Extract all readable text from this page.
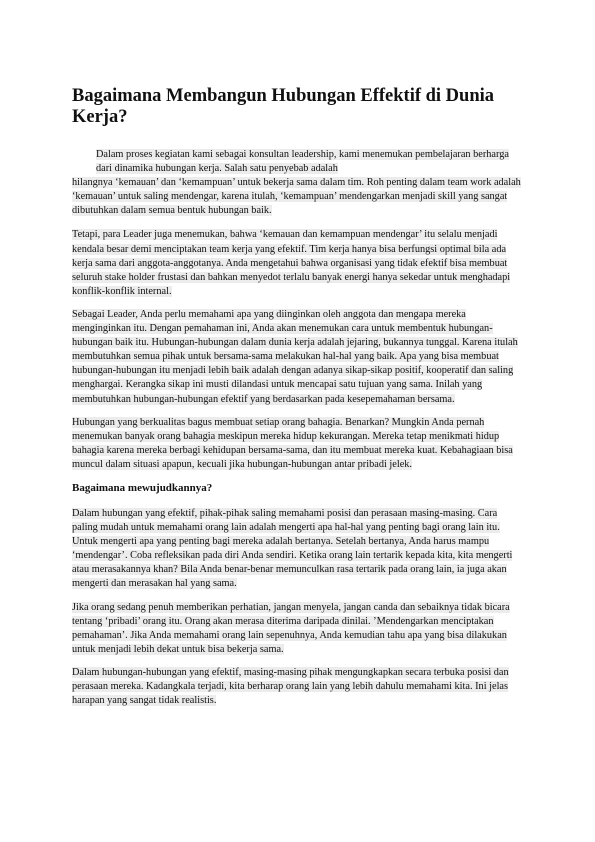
Bagaimana Membangun Hubungan Effektif di Dunia Kerja?

Dalam proses kegiatan kami sebagai konsultan leadership, kami menemukan pembelajaran berharga dari dinamika hubungan kerja. Salah satu penyebab adalah
hilangnya ‘kemauan’ dan ‘kemampuan’ untuk bekerja sama dalam tim. Roh penting dalam team work adalah ‘kemauan’ untuk saling mendengar, karena itulah, ‘kemampuan’ mendengarkan menjadi skill yang sangat dibutuhkan dalam semua bentuk hubungan baik.

Tetapi, para Leader juga menemukan, bahwa ‘kemauan dan kemampuan mendengar’ itu selalu menjadi kendala besar demi menciptakan team kerja yang efektif. Tim kerja hanya bisa berfungsi optimal bila ada kerja sama dari anggota-anggotanya. Anda mengetahui bahwa organisasi yang tidak efektif bisa membuat
seluruh stake holder frustasi dan bahkan menyedot terlalu banyak energi hanya sekedar untuk menghadapi konflik-konflik internal.

Sebagai Leader, Anda perlu memahami apa yang diinginkan oleh anggota dan mengapa mereka menginginkan itu. Dengan pemahaman ini, Anda akan menemukan cara untuk membentuk hubungan-hubungan baik itu. Hubungan-hubungan dalam dunia kerja adalah jejaring, bukannya tunggal. Karena itulah membutuhkan semua pihak untuk bersama-sama melakukan hal-hal yang baik. Apa yang bisa membuat hubungan-hubungan itu menjadi lebih baik adalah dengan adanya sikap-sikap positif, kooperatif dan saling menghargai. Kerangka sikap ini musti dilandasi untuk mencapai satu tujuan yang sama. Inilah yang membutuhkan hubungan-hubungan efektif yang berdasarkan pada kesepemahaman bersama.

Hubungan yang berkualitas bagus membuat setiap orang bahagia. Benarkan? Mungkin Anda pernah menemukan banyak orang bahagia meskipun mereka hidup kekurangan. Mereka tetap menikmati hidup bahagia karena mereka berbagi kehidupan bersama-sama, dan itu membuat mereka kuat. Kebahagiaan bisa
muncul dalam situasi apapun, kecuali jika hubungan-hubungan antar pribadi jelek.

Bagaimana mewujudkannya?

Dalam hubungan yang efektif, pihak-pihak saling memahami posisi dan perasaan masing-masing. Cara paling mudah untuk memahami orang lain adalah mengerti apa hal-hal yang penting bagi orang lain itu. Untuk mengerti apa yang penting bagi mereka adalah bertanya. Setelah bertanya, Anda harus mampu ‘mendengar’. Coba refleksikan pada diri Anda sendiri. Ketika orang lain tertarik kepada kita, kita mengerti atau merasakannya khan? Bila Anda benar-benar memunculkan rasa tertarik pada orang lain, ia juga akan mengerti dan merasakan hal yang sama.

Jika orang sedang penuh memberikan perhatian, jangan menyela, jangan canda dan sebaiknya tidak bicara tentang ‘pribadi’ orang itu. Orang akan merasa diterima daripada dinilai. ’Mendengarkan menciptakan pemahaman’. Jika Anda memahami orang lain sepenuhnya, Anda kemudian tahu apa yang bisa dilakukan untuk menjadi lebih dekat untuk bisa bekerja sama.

Dalam hubungan-hubungan yang efektif, masing-masing pihak mengungkapkan secara terbuka posisi dan perasaan mereka. Kadangkala terjadi, kita berharap orang lain yang lebih dahulu memahami kita. Ini jelas harapan yang sangat tidak realistis.
